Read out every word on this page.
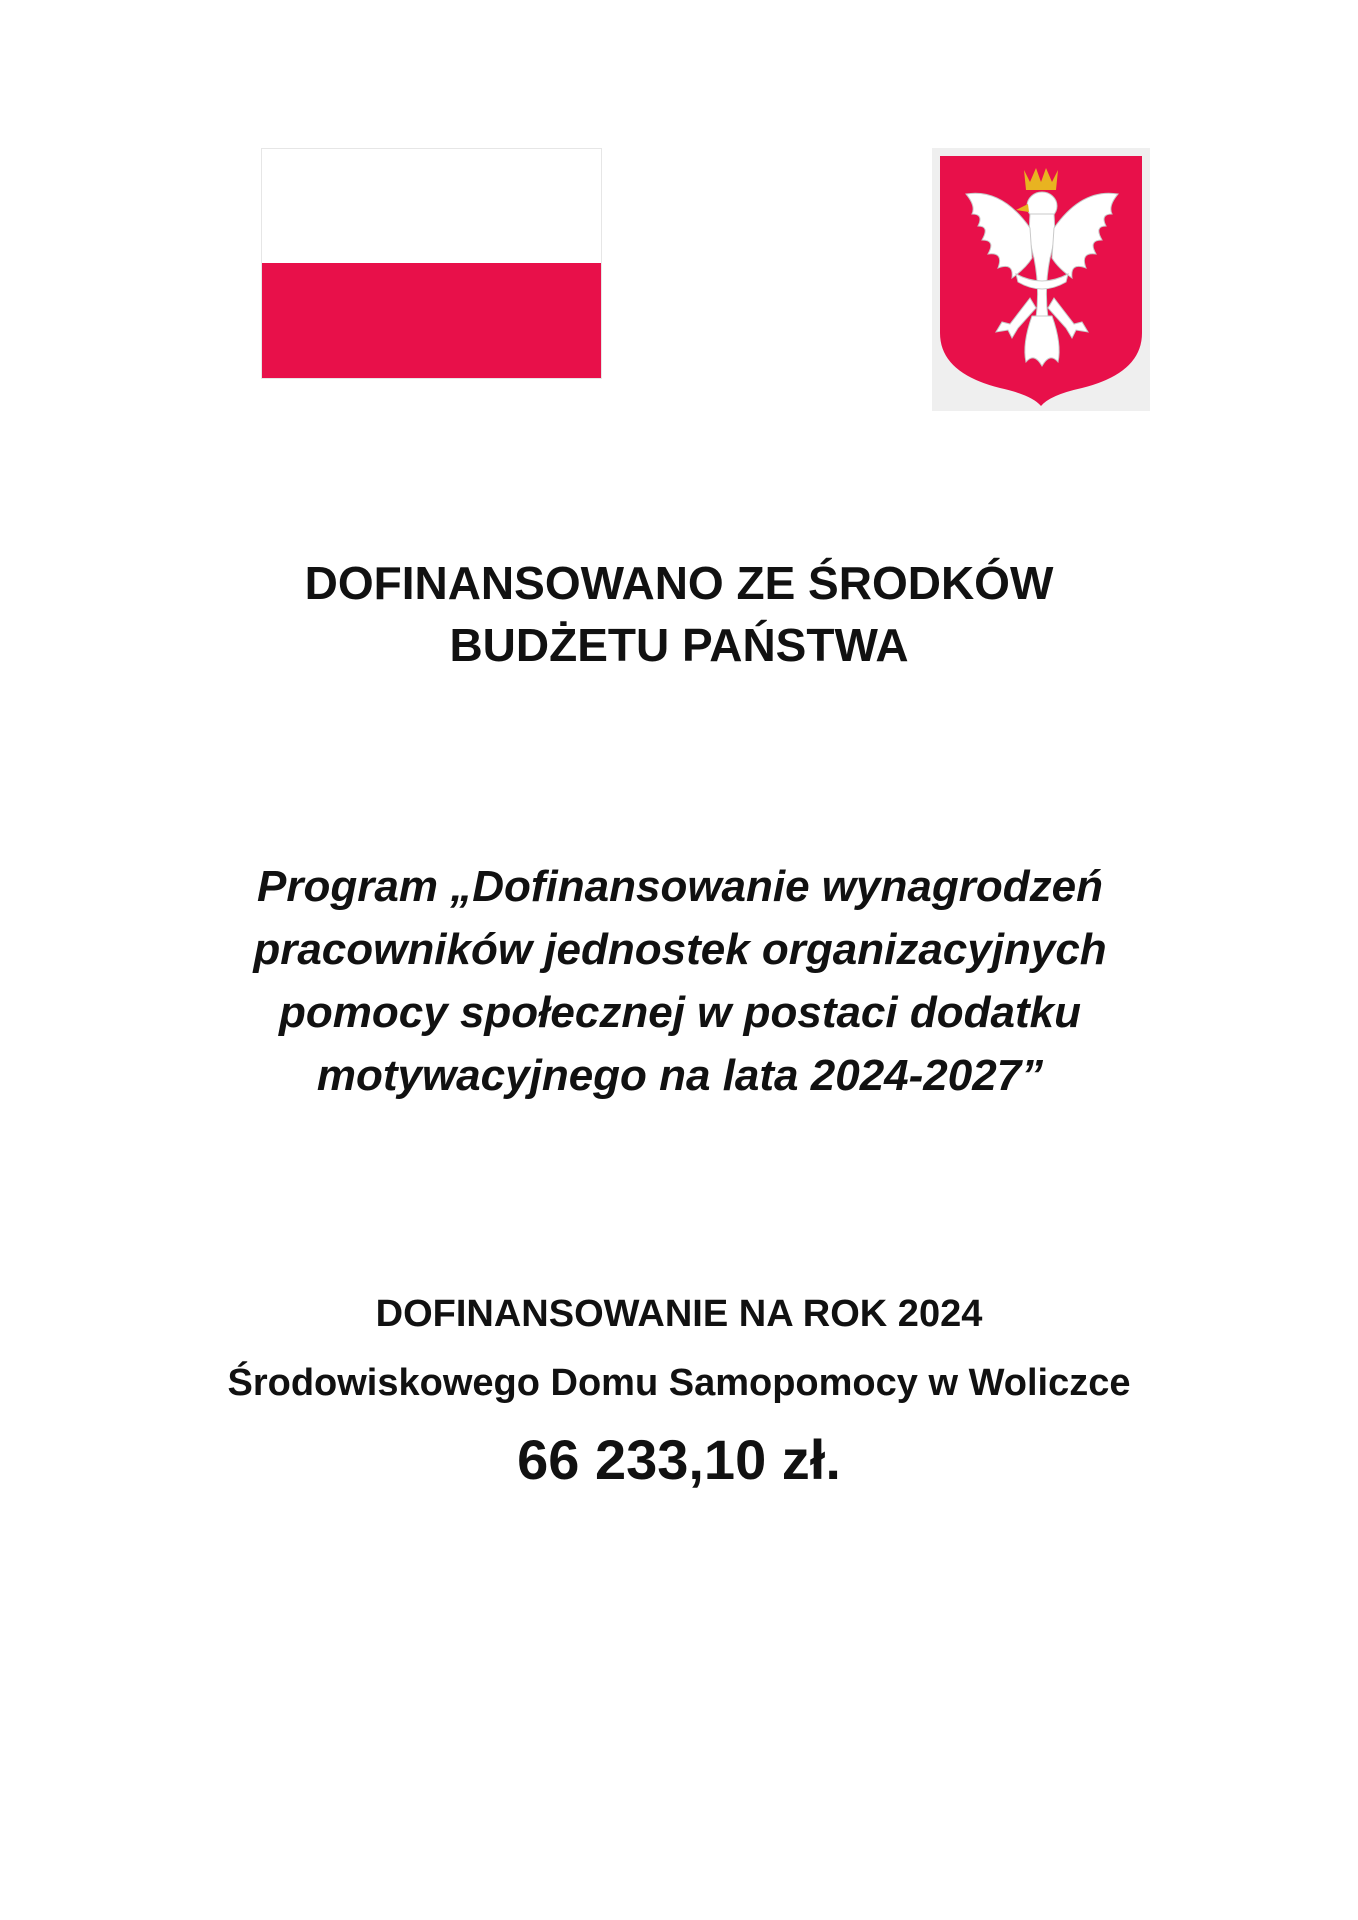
DOFINANSOWANO ZE ŚRODKÓW
BUDŻETU PAŃSTWA
Program „Dofinansowanie wynagrodzeń
pracowników jednostek organizacyjnych
pomocy społecznej w postaci dodatku
motywacyjnego na lata 2024-2027”
DOFINANSOWANIE NA ROK 2024
Środowiskowego Domu Samopomocy w Woliczce
66 233,10 zł.
